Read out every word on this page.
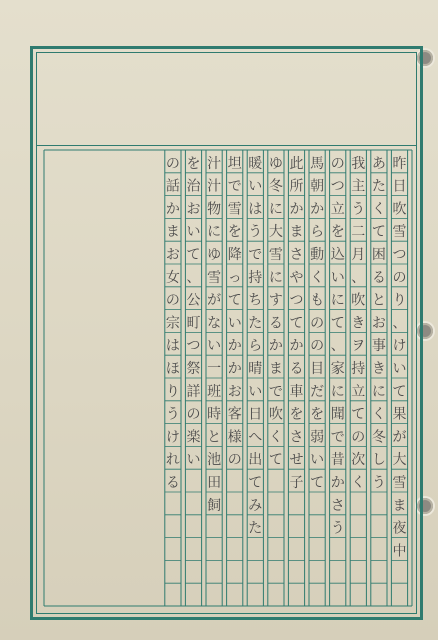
昨
日
吹
雪
つ
の
り
、
け
い
て
果
が
大
雪
ま
夜
中
あ
た
く
て
困
る
と
お
事
き
に
く
冬
し
う
我
主
う
二
月
、
吹
き
ヲ
持
立
て
の
次
く
の
つ
立
を
込
い
に
て
、
家
に
聞
で
昔
か
さ
う
馬
朝
か
ら
動
く
も
の
の
目
だ
を
弱
い
て
此
所
か
ま
さ
や
つ
て
か
る
車
を
さ
せ
子
ゆ
冬
に
大
雪
に
す
る
か
ま
で
吹
く
て
暖
い
は
う
で
持
ち
た
ら
晴
い
日
へ
出
て
み
た
坦
で
雪
を
降
っ
て
い
か
か
お
客
様
の
汁
汁
物
に
ゆ
雪
が
な
い
一
班
時
と
池
田
飼
を
治
お
い
て
、
公
町
つ
祭
詳
の
楽
い
の
話
か
ま
お
女
の
宗
は
ほ
り
う
け
れ
る
